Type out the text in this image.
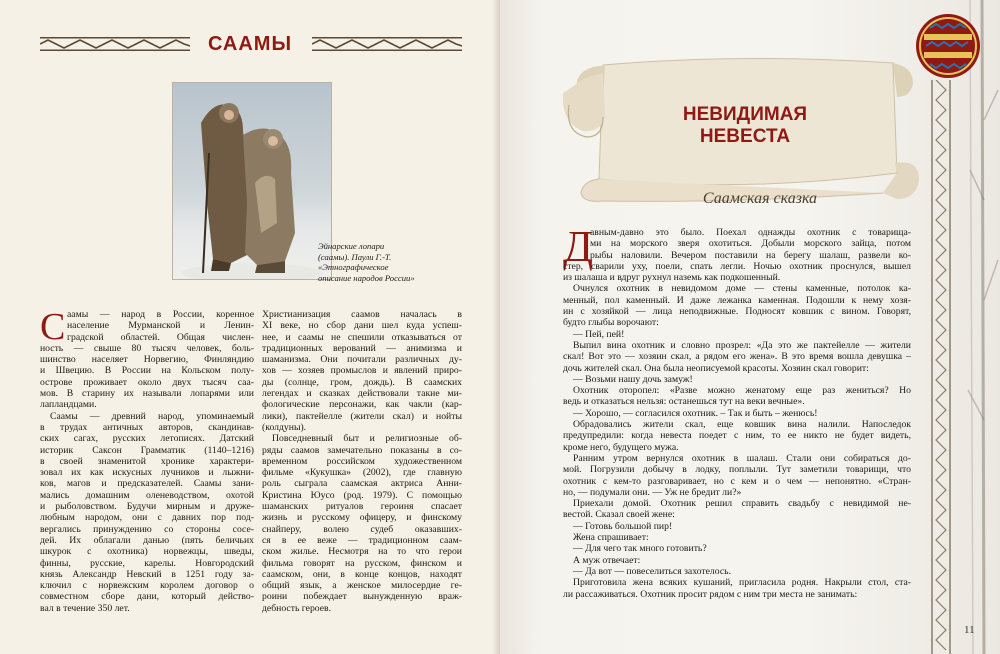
САAМЫ
Эйнарские лопари
(саамы). Паули Г.-Т.
«Этнографическое
описание народов России»
С аамы — народ в России, коренное
население Мурманской и Ленин-
градской областей. Общая числен-
ность — свыше 80 тысяч человек, боль-
шинство населяет Норвегию, Финляндию
и Швецию. В России на Кольском полу-
острове проживает около двух тысяч саа-
мов. В старину их называли лопарями или
лапландцами.
Саамы — древний народ, упоминаемый
в трудах античных авторов, скандинав-
ских сагах, русских летописях. Датский
историк Саксон Грамматик (1140–1216)
в своей знаменитой хронике характери-
зовал их как искусных лучников и лыжни-
ков, магов и предсказателей. Саамы зани-
мались домашним оленеводством, охотой
и рыболовством. Будучи мирным и друже-
любным народом, они с давних пор под-
вергались принуждению со стороны сосе-
дей. Их облагали данью (пять беличьих
шкурок с охотника) норвежцы, шведы,
финны, русские, карелы. Новгородский
князь Александр Невский в 1251 году за-
ключил с норвежским королем договор о
совместном сборе дани, который действо-
вал в течение 350 лет.
Христианизация саамов началась в
XI веке, но сбор дани шел куда успеш-
нее, и саамы не спешили отказываться от
традиционных верований — анимизма и
шаманизма. Они почитали различных ду-
хов — хозяев промыслов и явлений приро-
ды (солнце, гром, дождь). В саамских
легендах и сказках действовали такие ми-
фологические персонажи, как чакли (кар-
лики), пактейелле (жители скал) и нойты
(колдуны).
Повседневный быт и религиозные об-
ряды саамов замечательно показаны в со-
временном российском художественном
фильме «Кукушка» (2002), где главную
роль сыграла саамская актриса Анни-
Кристина Юусо (род. 1979). С помощью
шаманских ритуалов героиня спасает
жизнь и русскому офицеру, и финскому
снайперу, волею судеб оказавших-
ся в ее веже — традиционном саам-
ском жилье. Несмотря на то что герои
фильма говорят на русском, финском и
саамском, они, в конце концов, находят
общий язык, а женское милосердие ге-
роини побеждает вынужденную враж-
дебность героев.
НЕВИДИМАЯ
НЕВЕСТА
Саамская сказка
Д
авным-давно это было. Поехал однажды охотник с товарища-
ми на морского зверя охотиться. Добыли морского зайца, потом
рыбы наловили. Вечером поставили на берегу шалаш, развели ко-
стер, сварили уху, поели, спать легли. Ночью охотник проснулся, вышел
из шалаша и вдруг рухнул наземь как подкошенный.
Очнулся охотник в невидомом доме — стены каменные, потолок ка-
менный, пол каменный. И даже лежанка каменная. Подошли к нему хозя-
ин с хозяйкой — лица неподвижные. Подносят ковшик с вином. Говорят,
будто глыбы ворочают:
— Пей, пей!
Выпил вина охотник и словно прозрел: «Да это же пактейелле — жители
скал! Вот это — хозяин скал, а рядом его жена». В это время вошла девушка –
дочь жителей скал. Она была неописуемой красоты. Хозяин скал говорит:
— Возьми нашу дочь замуж!
Охотник оторопел: «Разве можно женатому еще раз жениться? Но
ведь и отказаться нельзя: останешься тут на веки вечные».
— Хорошо, — согласился охотник. – Так и быть – женюсь!
Обрадовались жители скал, еще ковшик вина налили. Напоследок
предупредили: когда невеста поедет с ним, то ее никто не будет видеть,
кроме него, будущего мужа.
Ранним утром вернулся охотник в шалаш. Стали они собираться до-
мой. Погрузили добычу в лодку, поплыли. Тут заметили товарищи, что
охотник с кем-то разговаривает, но с кем и о чем — непонятно. «Стран-
но, — подумали они. — Уж не бредит ли?»
Приехали домой. Охотник решил справить свадьбу с невидимой не-
вестой. Сказал своей жене:
— Готовь большой пир!
Жена спрашивает:
— Для чего так много готовить?
А муж отвечает:
— Да вот — повеселиться захотелось.
Приготовила жена всяких кушаний, пригласила родня. Накрыли стол, ста-
ли рассаживаться. Охотник просит рядом с ним три места не занимать:
11
